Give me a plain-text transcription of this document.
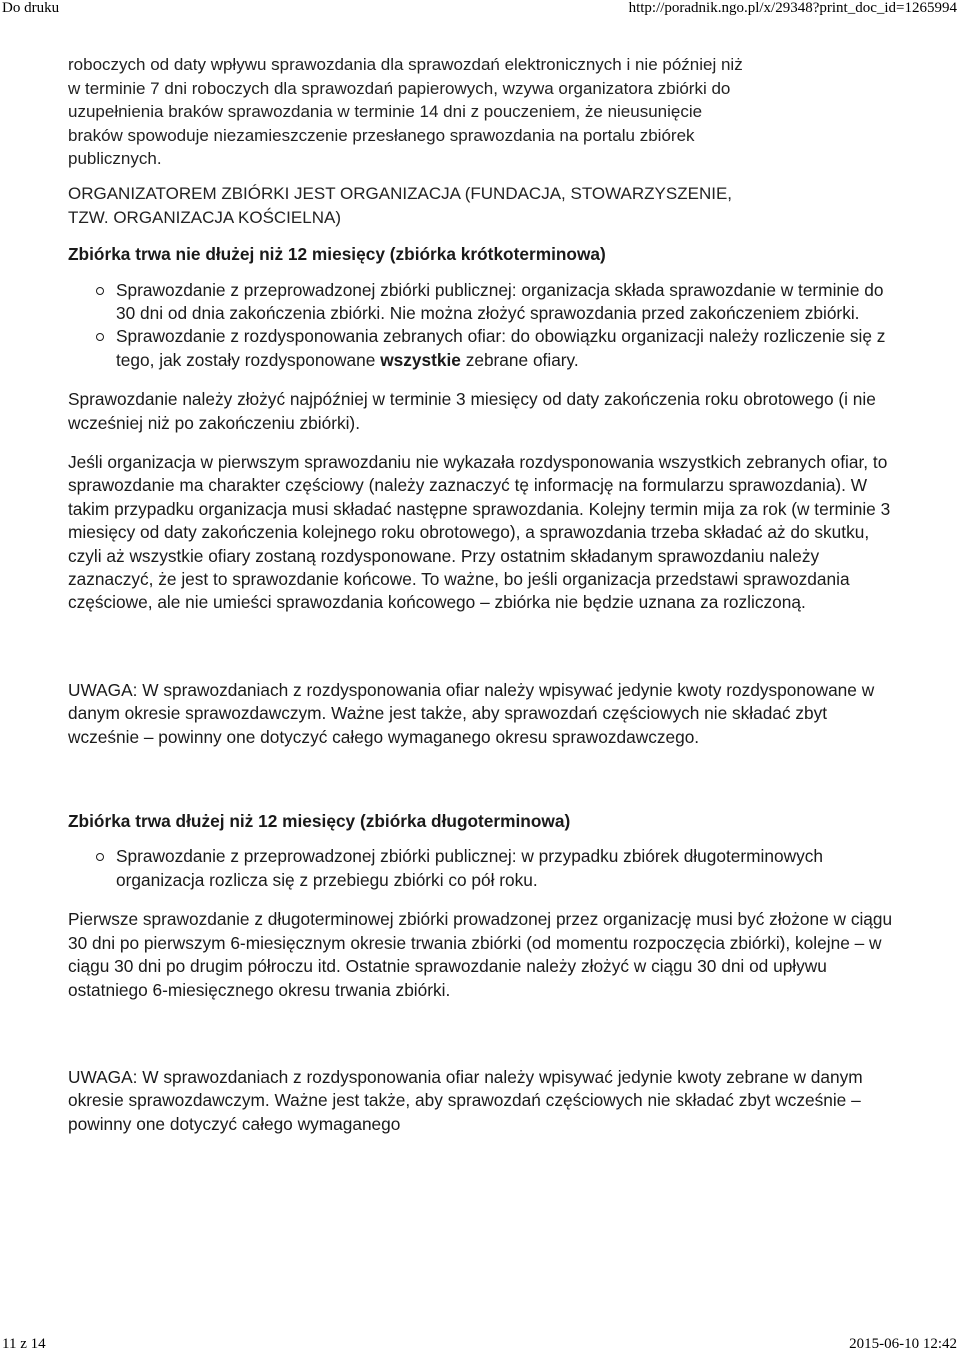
Do druku	http://poradnik.ngo.pl/x/29348?print_doc_id=1265994

roboczych od daty wpływu sprawozdania dla sprawozdań elektronicznych i nie później niż
w terminie 7 dni roboczych dla sprawozdań papierowych, wzywa organizatora zbiórki do
uzupełnienia braków sprawozdania w terminie 14 dni z pouczeniem, że nieusunięcie
braków spowoduje niezamieszczenie przesłanego sprawozdania na portalu zbiórek
publicznych.

ORGANIZATOREM ZBIÓRKI JEST ORGANIZACJA (FUNDACJA, STOWARZYSZENIE,
TZW. ORGANIZACJA KOŚCIELNA)

Zbiórka trwa nie dłużej niż 12 miesięcy (zbiórka krótkoterminowa)
Sprawozdanie z przeprowadzonej zbiórki publicznej: organizacja składa sprawozdanie w terminie do 30 dni od dnia zakończenia zbiórki. Nie można złożyć sprawozdania przed zakończeniem zbiórki.
Sprawozdanie z rozdysponowania zebranych ofiar: do obowiązku organizacji należy rozliczenie się z tego, jak zostały rozdysponowane wszystkie zebrane ofiary.

Sprawozdanie należy złożyć najpóźniej w terminie 3 miesięcy od daty zakończenia roku obrotowego (i nie wcześniej niż po zakończeniu zbiórki).

Jeśli organizacja w pierwszym sprawozdaniu nie wykazała rozdysponowania wszystkich zebranych ofiar, to sprawozdanie ma charakter częściowy (należy zaznaczyć tę informację na formularzu sprawozdania). W takim przypadku organizacja musi składać następne sprawozdania. Kolejny termin mija za rok (w terminie 3 miesięcy od daty zakończenia kolejnego roku obrotowego), a sprawozdania trzeba składać aż do skutku, czyli aż wszystkie ofiary zostaną rozdysponowane. Przy ostatnim składanym sprawozdaniu należy zaznaczyć, że jest to sprawozdanie końcowe. To ważne, bo jeśli organizacja przedstawi sprawozdania częściowe, ale nie umieści sprawozdania końcowego – zbiórka nie będzie uznana za rozliczoną.

UWAGA: W sprawozdaniach z rozdysponowania ofiar należy wpisywać jedynie kwoty rozdysponowane w danym okresie sprawozdawczym. Ważne jest także, aby sprawozdań częściowych nie składać zbyt wcześnie – powinny one dotyczyć całego wymaganego okresu sprawozdawczego.

Zbiórka trwa dłużej niż 12 miesięcy (zbiórka długoterminowa)
Sprawozdanie z przeprowadzonej zbiórki publicznej: w przypadku zbiórek długoterminowych organizacja rozlicza się z przebiegu zbiórki co pół roku.

Pierwsze sprawozdanie z długoterminowej zbiórki prowadzonej przez organizację musi być złożone w ciągu 30 dni po pierwszym 6-miesięcznym okresie trwania zbiórki (od momentu rozpoczęcia zbiórki), kolejne – w ciągu 30 dni po drugim półroczu itd. Ostatnie sprawozdanie należy złożyć w ciągu 30 dni od upływu ostatniego 6-miesięcznego okresu trwania zbiórki.

UWAGA: W sprawozdaniach z rozdysponowania ofiar należy wpisywać jedynie kwoty zebrane w danym okresie sprawozdawczym. Ważne jest także, aby sprawozdań częściowych nie składać zbyt wcześnie – powinny one dotyczyć całego wymaganego

11 z 14	2015-06-10 12:42
